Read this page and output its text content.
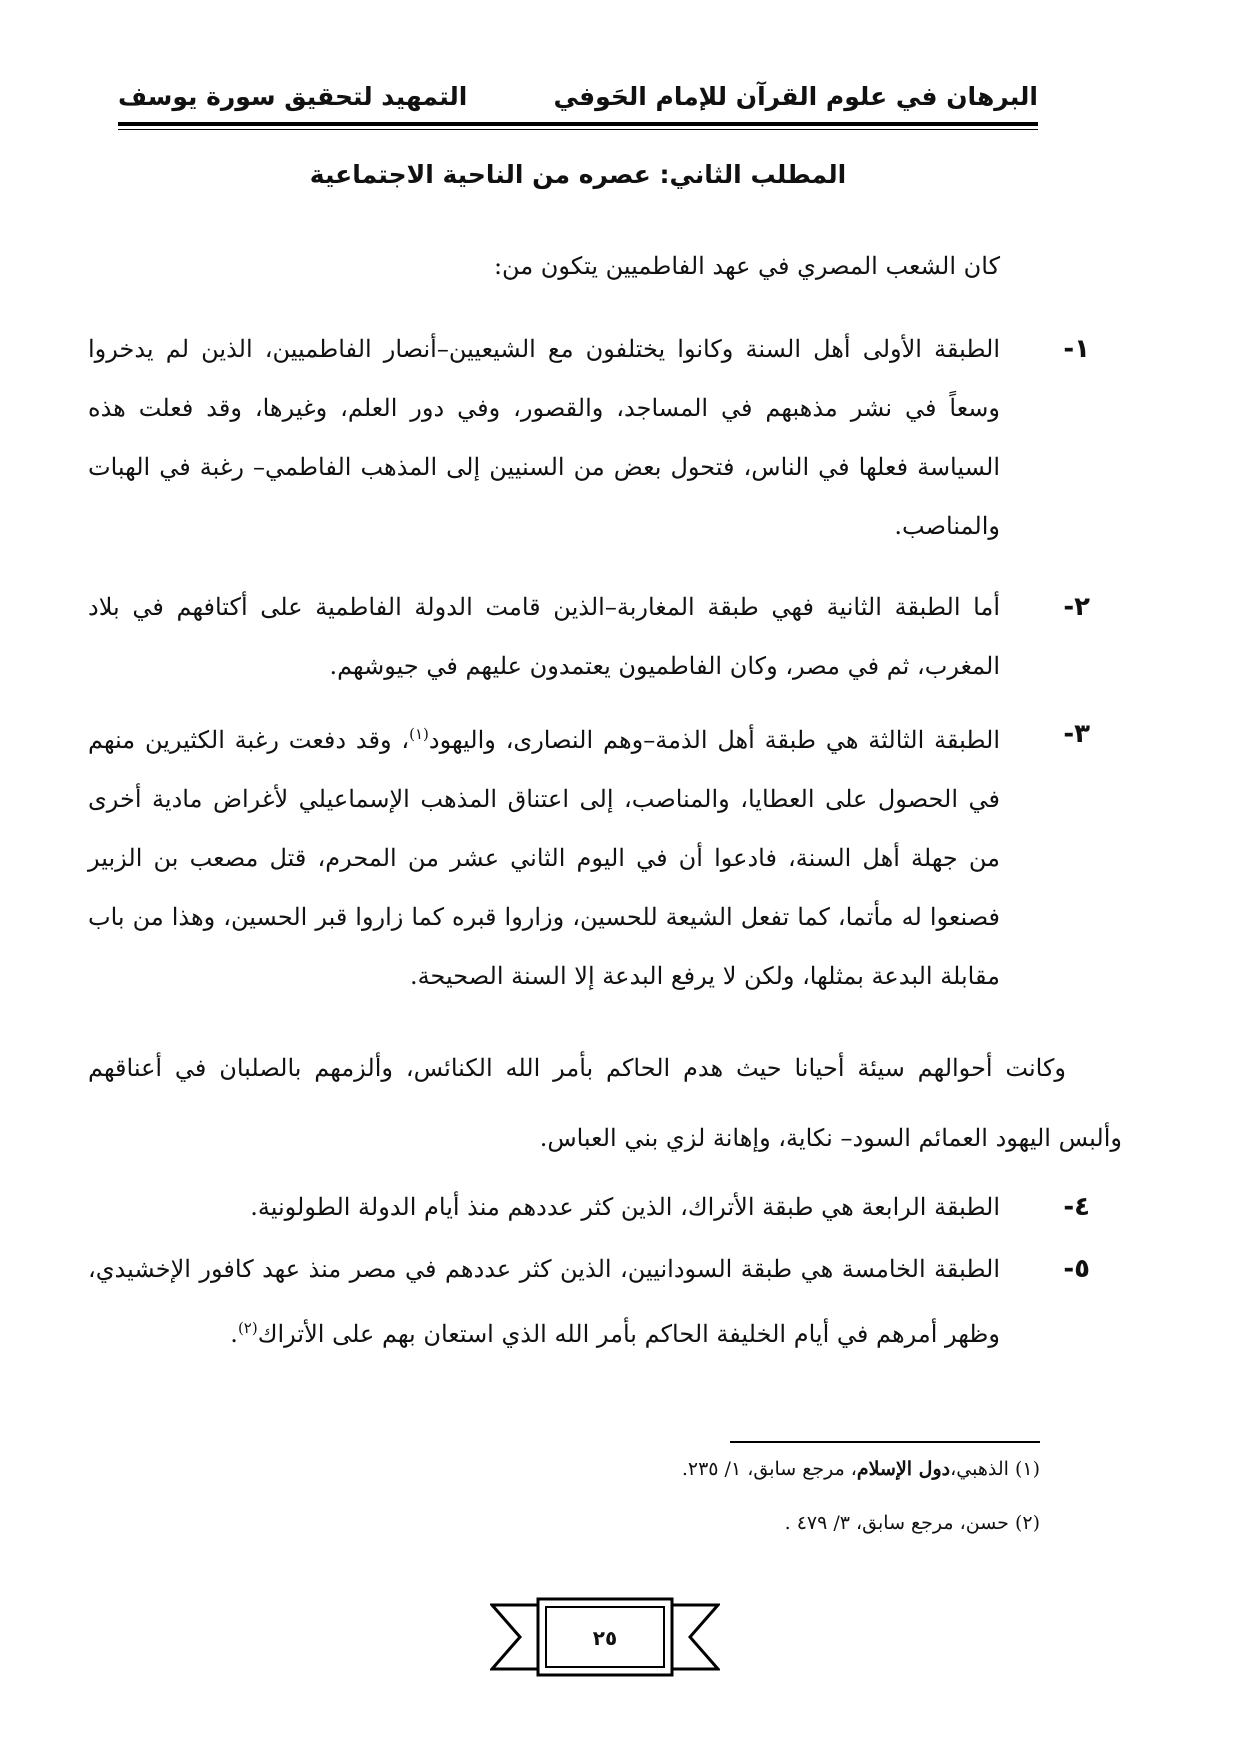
البرهان في علوم القرآن للإمام الحَوفي
التمهيد لتحقيق سورة يوسف
المطلب الثاني: عصره من الناحية الاجتماعية
كان الشعب المصري في عهد الفاطميين يتكون من:
١-
الطبقة الأولى أهل السنة وكانوا يختلفون مع الشيعيين–أنصار الفاطميين، الذين لم يدخروا وسعاً في نشر مذهبهم في المساجد، والقصور، وفي دور العلم، وغيرها، وقد فعلت هذه السياسة فعلها في الناس، فتحول بعض من السنيين إلى المذهب الفاطمي– رغبة في الهبات والمناصب.
٢-
أما الطبقة الثانية فهي طبقة المغاربة–الذين قامت الدولة الفاطمية على أكتافهم في بلاد المغرب، ثم في مصر، وكان الفاطميون يعتمدون عليهم في جيوشهم.
٣-
الطبقة الثالثة هي طبقة أهل الذمة–وهم النصارى، واليهود$^{(١)}$، وقد دفعت رغبة الكثيرين منهم في الحصول على العطايا، والمناصب، إلى اعتناق المذهب الإسماعيلي لأغراض مادية أخرى من جهلة أهل السنة، فادعوا أن في اليوم الثاني عشر من المحرم، قتل مصعب بن الزبير فصنعوا له مأتما، كما تفعل الشيعة للحسين، وزاروا قبره كما زاروا قبر الحسين، وهذا من باب مقابلة البدعة بمثلها، ولكن لا يرفع البدعة إلا السنة الصحيحة.
وكانت أحوالهم سيئة أحيانا حيث هدم الحاكم بأمر الله الكنائس، وألزمهم بالصلبان في أعناقهم وألبس اليهود العمائم السود– نكاية، وإهانة لزي بني العباس.
٤-
الطبقة الرابعة هي طبقة الأتراك، الذين كثر عددهم منذ أيام الدولة الطولونية.
٥-
الطبقة الخامسة هي طبقة السودانيين، الذين كثر عددهم في مصر منذ عهد كافور الإخشيدي، وظهر أمرهم في أيام الخليفة الحاكم بأمر الله الذي استعان بهم على الأتراك$^{(٢)}$.
(١) الذهبي،دول الإسلام، مرجع سابق، ١/ ٢٣٥.
(٢) حسن، مرجع سابق، ٣/ ٤٧٩ .
٢٥
